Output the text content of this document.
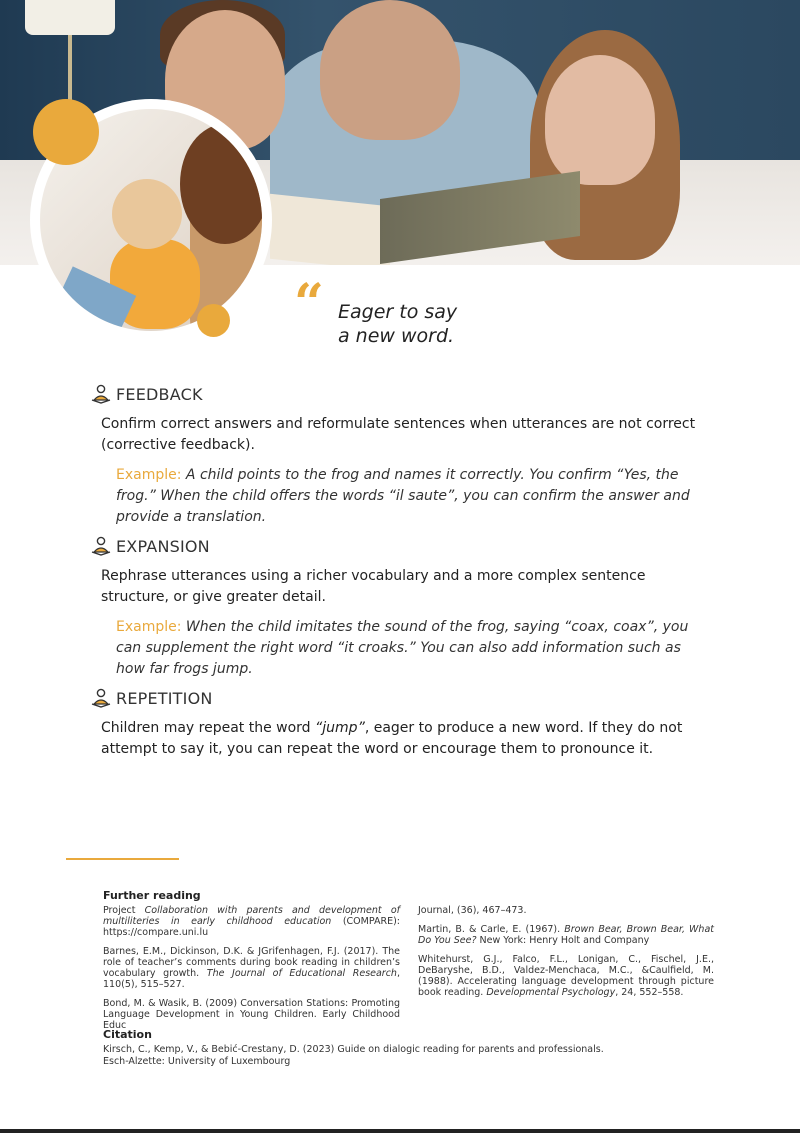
“ Eager to say
a new word.
FEEDBACK
Confirm correct answers and reformulate sentences when utterances are not correct (corrective feedback).
Example: A child points to the frog and names it correctly. You confirm “Yes, the frog.” When the child offers the words “il saute”, you can confirm the answer and provide a translation.
EXPANSION
Rephrase utterances using a richer vocabulary and a more complex sentence structure, or give greater detail.
Example: When the child imitates the sound of the frog, saying “coax, coax”, you can supplement the right word “it croaks.” You can also add information such as how far frogs jump.
REPETITION
Children may repeat the word “jump”, eager to produce a new word. If they do not attempt to say it, you can repeat the word or encourage them to pronounce it.
Further reading

Project Collaboration with parents and development of multiliteries in early childhood education (COMPARE): https://compare.uni.lu

Barnes, E.M., Dickinson, D.K. & JGrifenhagen, F.J. (2017). The role of teacher’s comments during book reading in children’s vocabulary growth. The Journal of Educational Research, 110(5), 515–527.

Bond, M. & Wasik, B. (2009) Conversation Stations: Promoting Language Development in Young Children. Early Childhood Educ

Journal, (36), 467–473.

Martin, B. & Carle, E. (1967). Brown Bear, Brown Bear, What Do You See? New York: Henry Holt and Company

Whitehurst, G.J., Falco, F.L., Lonigan, C., Fischel, J.E., DeBaryshe, B.D., Valdez-Menchaca, M.C., &Caulfield, M. (1988). Accelerating language development through picture book reading. Developmental Psychology, 24, 552–558.

Citation
Kirsch, C., Kemp, V., & Bebić-Crestany, D. (2023) Guide on dialogic reading for parents and professionals.
Esch-Alzette: University of Luxembourg
